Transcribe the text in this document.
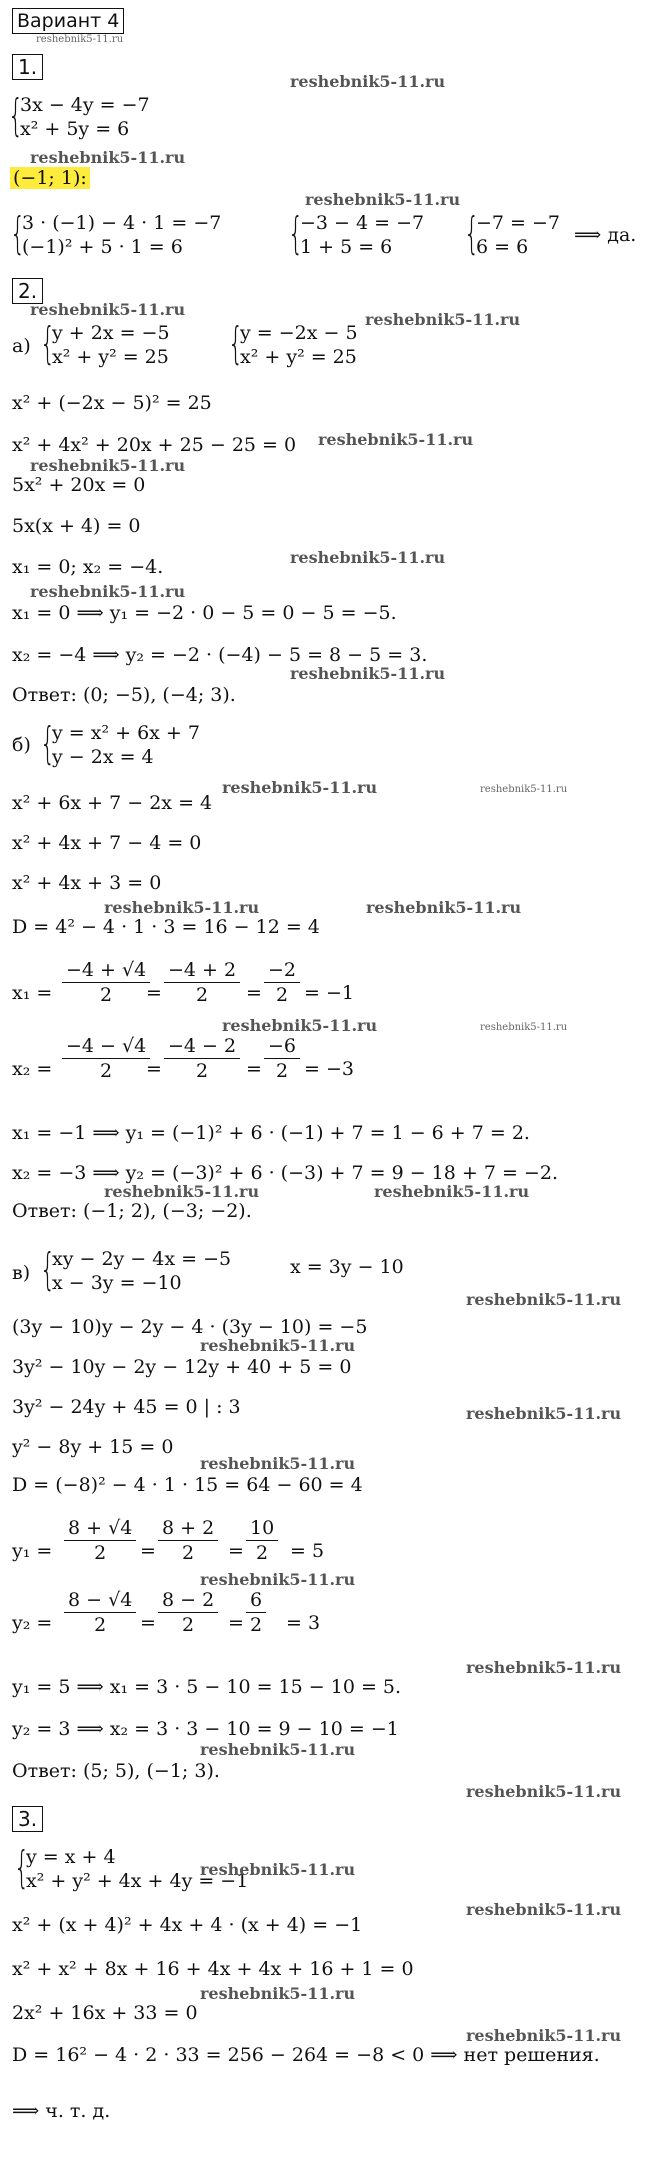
Вариант 4
reshebnik5-11.ru
1.
reshebnik5-11.ru
{
3x − 4y = −7
x² + 5y = 6
reshebnik5-11.ru
(−1; 1):
reshebnik5-11.ru
{
3 · (−1) − 4 · 1 = −7
(−1)² + 5 · 1 = 6 {
−3 − 4 = −7
1 + 5 = 6 {
−7 = −7
6 = 6
⟹ да.
2.
reshebnik5-11.ru
а) {
y + 2x = −5
x² + y² = 25 {
y = −2x − 5
x² + y² = 25
reshebnik5-11.ru
x² + (−2x − 5)² = 25
x² + 4x² + 20x + 25 − 25 = 0 reshebnik5-11.ru
reshebnik5-11.ru
5x² + 20x = 0
5x(x + 4) = 0
x₁ = 0; x₂ = −4.	reshebnik5-11.ru
reshebnik5-11.ru
x₁ = 0 ⟹ y₁ = −2 · 0 − 5 = 0 − 5 = −5.
x₂ = −4 ⟹ y₂ = −2 · (−4) − 5 = 8 − 5 = 3.
reshebnik5-11.ru
Ответ: (0; −5), (−4; 3).
б) {
y = x² + 6x + 7
y − 2x = 4
x² + 6x + 7 − 2x = 4
reshebnik5-11.ru	reshebnik5-11.ru
x² + 4x + 7 − 4 = 0
x² + 4x + 3 = 0
reshebnik5-11.ru	reshebnik5-11.ru
D = 4² − 4 · 1 · 3 = 16 − 12 = 4
$x_1 = \frac{-4 + √4}{2}$
= $\frac{-4 + 2}{2} = \frac{-2}{2} = -1$
reshebnik5-11.ru	reshebnik5-11.ru
$x_2 = \frac{-4 - √4}{2}$
= $\frac{-4 - 2}{2} = \frac{-6}{2} = -3$
x₁ = −1 ⟹ y₁ = (−1)² + 6 · (−1) + 7 = 1 − 6 + 7 = 2.
x₂ = −3 ⟹ y₂ = (−3)² + 6 · (−3) + 7 = 9 − 18 + 7 = −2.
reshebnik5-11.ru	reshebnik5-11.ru
Ответ: (−1; 2), (−3; −2).
в) {
xy − 2y − 4x = −5
x − 3y = −10
x = 3y − 10
reshebnik5-11.ru
(3y − 10)y − 2y − 4 · (3y − 10) = −5
reshebnik5-11.ru
3y² − 10y − 2y − 12y + 40 + 5 = 0
3y² − 24y + 45 = 0 | : 3	reshebnik5-11.ru
y² − 8y + 15 = 0
reshebnik5-11.ru
D = (−8)² − 4 · 1 · 15 = 64 − 60 = 4
$y_1 = \frac{8 + √4}{2} = \frac{8 + 2}{2} = \frac{10}{2} = 5$
reshebnik5-11.ru
$y_2 = \frac{8 - √4}{2} = \frac{8 - 2}{2} = \frac{6}{2} = 3$
reshebnik5-11.ru
y₁ = 5 ⟹ x₁ = 3 · 5 − 10 = 15 − 10 = 5.
y₂ = 3 ⟹ x₂ = 3 · 3 − 10 = 9 − 10 = −1
reshebnik5-11.ru
Ответ: (5; 5), (−1; 3).
reshebnik5-11.ru
3.
{
y = x + 4
x² + y² + 4x + 4y = −1
reshebnik5-11.ru
reshebnik5-11.ru
x² + (x + 4)² + 4x + 4 · (x + 4) = −1
x² + x² + 8x + 16 + 4x + 4x + 16 + 1 = 0
reshebnik5-11.ru
2x² + 16x + 33 = 0
reshebnik5-11.ru
D = 16² − 4 · 2 · 33 = 256 − 264 = −8 < 0 ⟹ нет решения.
⟹ ч. т. д.
